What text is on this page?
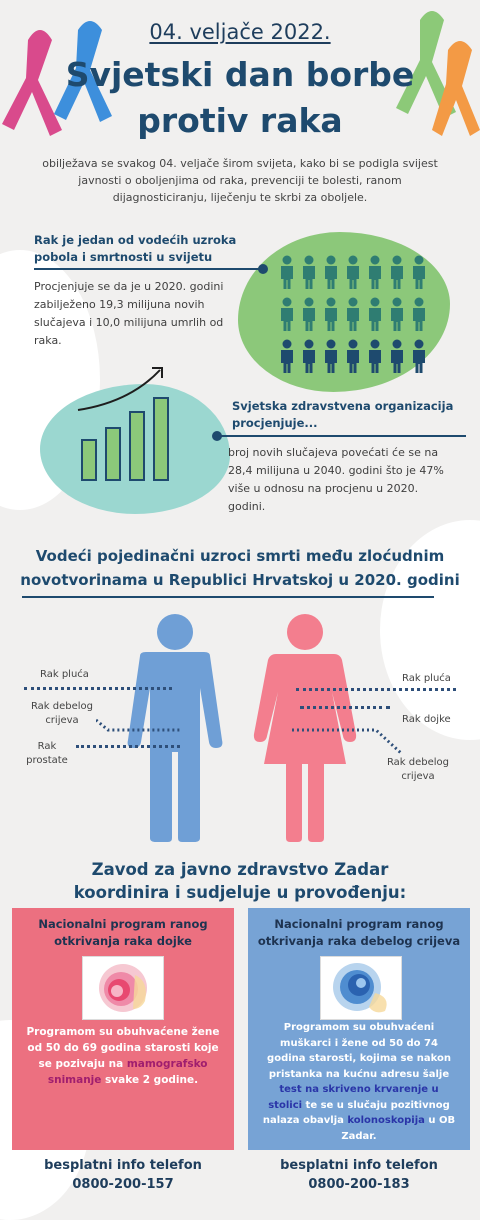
04. veljače 2022.
Svjetski dan borbe
protiv raka
obilježava se svakog 04. veljače širom svijeta, kako bi se podigla svijest javnosti o oboljenjima od raka, prevenciji te bolesti, ranom dijagnosticiranju, liječenju te skrbi za oboljele.
Rak je jedan od vodećih uzroka
pobola i smrtnosti u svijetu
Procjenjuje se da je u 2020. godini zabilježeno 19,3 milijuna novih slučajeva i 10,0 milijuna umrlih od raka.
Svjetska zdravstvena organizacija
procjenjuje...
broj novih slučajeva povećati će se na 28,4 milijuna u 2040. godini što je 47% više u odnosu na procjenu u 2020. godini.
Vodeći pojedinačni uzroci smrti među zloćudnim
novotvorinama u Republici Hrvatskoj u 2020. godini
Rak pluća
Rak debelog
crijeva
Rak
prostate
Rak pluća
Rak dojke
Rak debelog
crijeva
Zavod za javno zdravstvo Zadar
koordinira i sudjeluje u provođenju:
Nacionalni program ranog
otkrivanja raka dojke
Programom su obuhvaćene žene od 50 do 69 godina starosti koje se pozivaju na mamografsko snimanje svake 2 godine.
Nacionalni program ranog
otkrivanja raka debelog crijeva
Programom su obuhvaćeni muškarci i žene od 50 do 74 godina starosti, kojima se nakon pristanka na kućnu adresu šalje test na skriveno krvarenje u stolici te se u slučaju pozitivnog nalaza obavlja kolonoskopija u OB Zadar.
besplatni info telefon
0800-200-157
besplatni info telefon
0800-200-183
